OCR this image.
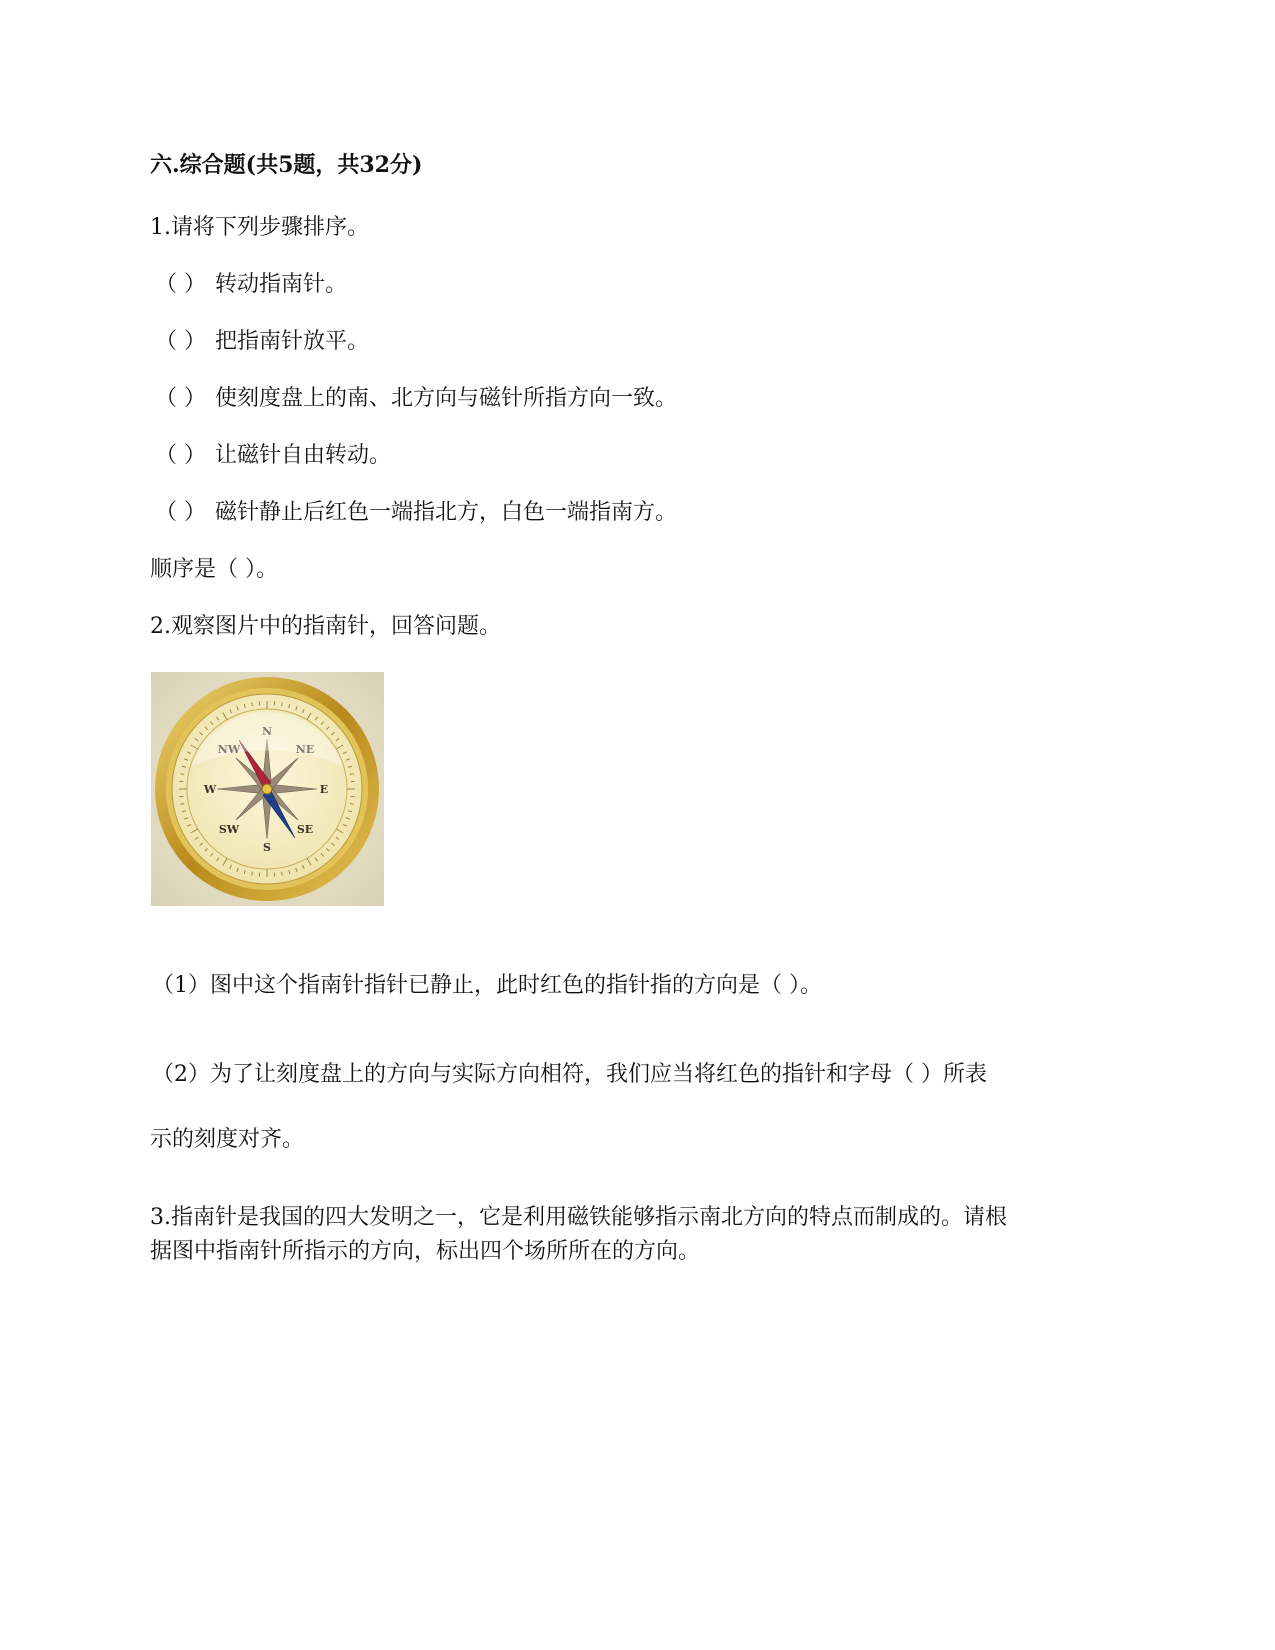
六.综合题(共5题，共32分)
1.请将下列步骤排序。
（ ） 转动指南针。
（ ） 把指南针放平。
（ ） 使刻度盘上的南、北方向与磁针所指方向一致。
（ ） 让磁针自由转动。
（ ） 磁针静止后红色一端指北方，白色一端指南方。
顺序是（ ）。
2.观察图片中的指南针，回答问题。
N
NE
E
SE
S
SW
W
NW
（1）图中这个指南针指针已静止，此时红色的指针指的方向是（ ）。
（2）为了让刻度盘上的方向与实际方向相符，我们应当将红色的指针和字母（ ）所表
示的刻度对齐。
3.指南针是我国的四大发明之一，它是利用磁铁能够指示南北方向的特点而制成的。请根
据图中指南针所指示的方向，标出四个场所所在的方向。
